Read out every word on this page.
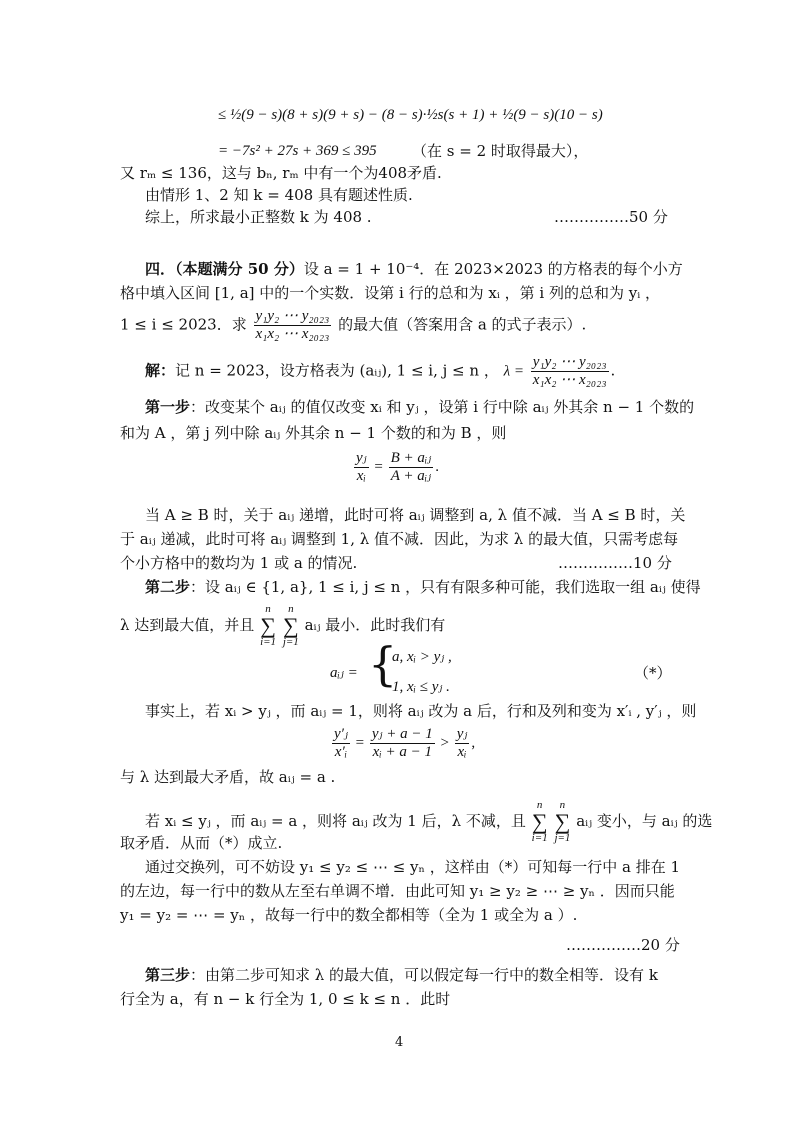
≤ ½(9 − s)(8 + s)(9 + s) − (8 − s)·½s(s + 1) + ½(9 − s)(10 − s)
= −7s² + 27s + 369 ≤ 395 （在 s = 2 时取得最大），
又 rₘ ≤ 136，这与 bₙ, rₘ 中有一个为408矛盾.
由情形 1、2 知 k = 408 具有题述性质.
综上，所求最小正整数 k 为 408 .	……………50 分
四．（本题满分 50 分）设 a = 1 + 10⁻⁴．在 2023×2023 的方格表的每个小方
格中填入区间 [1, a] 中的一个实数．设第 i 行的总和为 xᵢ ，第 i 列的总和为 yᵢ ，
1 ≤ i ≤ 2023．求 $\frac{\text{y₁y₂ ⋯ y₂₀₂₃}}{\text{x₁x₂ ⋯ x₂₀₂₃}}$ 的最大值（答案用含 a 的式子表示）.
解：记 n = 2023，设方格表为 (aᵢⱼ), 1 ≤ i, j ≤ n ， $\lambda = \frac{\text{y₁y₂ ⋯ y₂₀₂₃}}{\text{x₁x₂ ⋯ x₂₀₂₃}}$ .
第一步：改变某个 aᵢⱼ 的值仅改变 xᵢ 和 yⱼ ，设第 i 行中除 aᵢⱼ 外其余 n − 1 个数的
和为 A ，第 j 列中除 aᵢⱼ 外其余 n − 1 个数的和为 B ，则
$\frac{\text{yⱼ}}{\text{xᵢ}} = \frac{\text{B + aᵢⱼ}}{\text{A + aᵢⱼ}}$ .
当 A ≥ B 时，关于 aᵢⱼ 递增，此时可将 aᵢⱼ 调整到 a, λ 值不减．当 A ≤ B 时，关
于 aᵢⱼ 递减，此时可将 aᵢⱼ 调整到 1, λ 值不减．因此，为求 λ 的最大值，只需考虑每
个小方格中的数均为 1 或 a 的情况.	……………10 分
第二步：设 aᵢⱼ ∈ {1, a}, 1 ≤ i, j ≤ n ，只有有限多种可能，我们选取一组 aᵢⱼ 使得
λ 达到最大值，并且 n
∑
i=1 n
∑
j=1 aᵢⱼ 最小．此时我们有
aᵢⱼ = {
a, xᵢ > yⱼ ,
1, xᵢ ≤ yⱼ .
（*）
事实上，若 xᵢ > yⱼ ，而 aᵢⱼ = 1，则将 aᵢⱼ 改为 a 后，行和及列和变为 x′ᵢ , y′ⱼ ，则
$\frac{\text{y′ⱼ}}{\text{x′ᵢ}} = \frac{\text{yⱼ + a − 1}}{\text{xᵢ + a − 1}} > \frac{\text{yⱼ}}{\text{xᵢ}}$ ,
与 λ 达到最大矛盾，故 aᵢⱼ = a .
若 xᵢ ≤ yⱼ ，而 aᵢⱼ = a ，则将 aᵢⱼ 改为 1 后，λ 不减，且 n
∑
i=1 n
∑
j=1 aᵢⱼ 变小，与 aᵢⱼ 的选
取矛盾．从而（*）成立.
通过交换列，可不妨设 y₁ ≤ y₂ ≤ ⋯ ≤ yₙ ，这样由（*）可知每一行中 a 排在 1
的左边，每一行中的数从左至右单调不增．由此可知 y₁ ≥ y₂ ≥ ⋯ ≥ yₙ ．因而只能
y₁ = y₂ = ⋯ = yₙ ，故每一行中的数全都相等（全为 1 或全为 a ）.
……………20 分
第三步：由第二步可知求 λ 的最大值，可以假定每一行中的数全相等．设有 k
行全为 a，有 n − k 行全为 1, 0 ≤ k ≤ n ．此时
4
